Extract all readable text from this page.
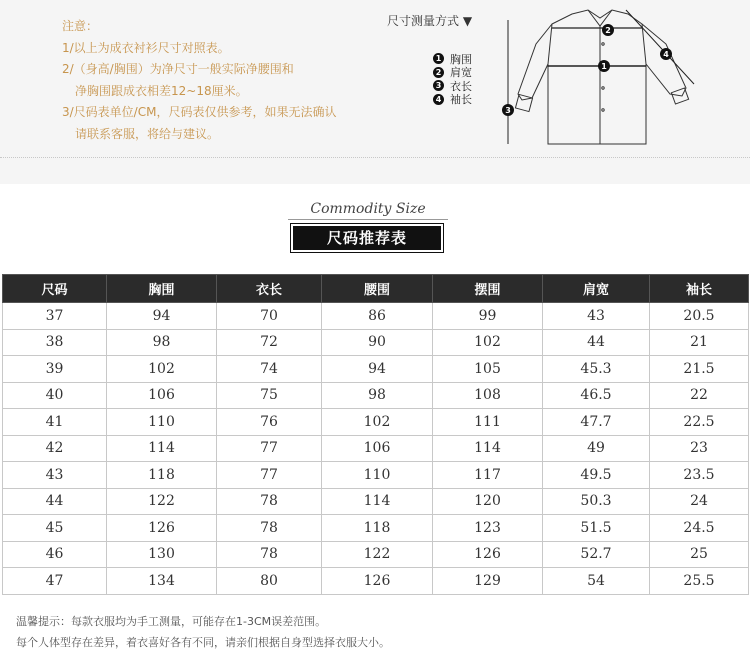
注意：
1/以上为成衣衬衫尺寸对照表。
2/（身高/胸围）为净尺寸一般实际净腰围和
净胸围跟成衣相差12~18厘米。
3/尺码表单位/CM，尺码表仅供参考，如果无法确认
请联系客服，将给与建议。
尺寸测量方式 ▼
1 胸围
2 肩宽
3 衣长
4 袖长
1
2
3
4
Commodity Size
尺码推荐表
尺码	胸围	衣长	腰围	摆围	肩宽	袖长
37	94	70	86	99	43	20.5
38	98	72	90	102	44	21
39	102	74	94	105	45.3	21.5
40	106	75	98	108	46.5	22
41	110	76	102	111	47.7	22.5
42	114	77	106	114	49	23
43	118	77	110	117	49.5	23.5
44	122	78	114	120	50.3	24
45	126	78	118	123	51.5	24.5
46	130	78	122	126	52.7	25
47	134	80	126	129	54	25.5
温馨提示：每款衣服均为手工测量，可能存在1-3CM误差范围。
每个人体型存在差异，着衣喜好各有不同，请亲们根据自身型选择衣服大小。
